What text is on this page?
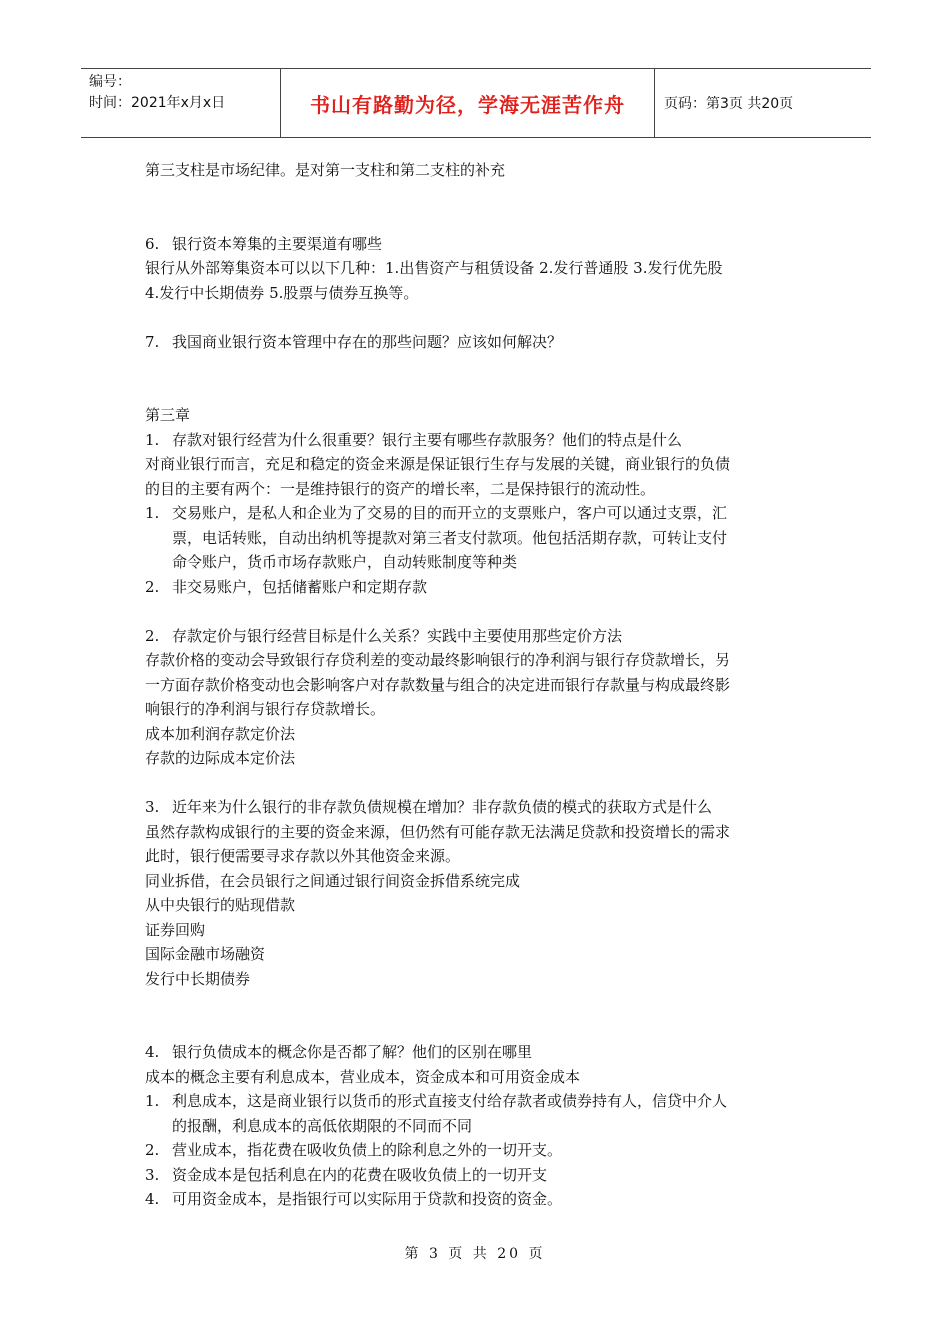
编号：
时间：2021年x月x日	书山有路勤为径，学海无涯苦作舟	页码：第3页 共20页
第三支柱是市场纪律。是对第一支柱和第二支柱的补充
6. 银行资本筹集的主要渠道有哪些
银行从外部筹集资本可以以下几种：1.出售资产与租赁设备 2.发行普通股 3.发行优先股
4.发行中长期债券 5.股票与债券互换等。
7. 我国商业银行资本管理中存在的那些问题？应该如何解决？
第三章
1. 存款对银行经营为什么很重要？银行主要有哪些存款服务？他们的特点是什么
对商业银行而言，充足和稳定的资金来源是保证银行生存与发展的关键，商业银行的负债
的目的主要有两个：一是维持银行的资产的增长率，二是保持银行的流动性。
1. 交易账户，是私人和企业为了交易的目的而开立的支票账户，客户可以通过支票，汇
票，电话转账，自动出纳机等提款对第三者支付款项。他包括活期存款，可转让支付
命令账户，货币市场存款账户，自动转账制度等种类
2. 非交易账户，包括储蓄账户和定期存款
2. 存款定价与银行经营目标是什么关系？实践中主要使用那些定价方法
存款价格的变动会导致银行存贷利差的变动最终影响银行的净利润与银行存贷款增长，另
一方面存款价格变动也会影响客户对存款数量与组合的决定进而银行存款量与构成最终影
响银行的净利润与银行存贷款增长。
成本加利润存款定价法
存款的边际成本定价法
3. 近年来为什么银行的非存款负债规模在增加？非存款负债的模式的获取方式是什么
虽然存款构成银行的主要的资金来源，但仍然有可能存款无法满足贷款和投资增长的需求
此时，银行便需要寻求存款以外其他资金来源。
同业拆借，在会员银行之间通过银行间资金拆借系统完成
从中央银行的贴现借款
证券回购
国际金融市场融资
发行中长期债券
4. 银行负债成本的概念你是否都了解？他们的区别在哪里
成本的概念主要有利息成本，营业成本，资金成本和可用资金成本
1. 利息成本，这是商业银行以货币的形式直接支付给存款者或债券持有人，信贷中介人
的报酬，利息成本的高低依期限的不同而不同
2. 营业成本，指花费在吸收负债上的除利息之外的一切开支。
3. 资金成本是包括利息在内的花费在吸收负债上的一切开支
4. 可用资金成本，是指银行可以实际用于贷款和投资的资金。
第 3 页 共 20 页
